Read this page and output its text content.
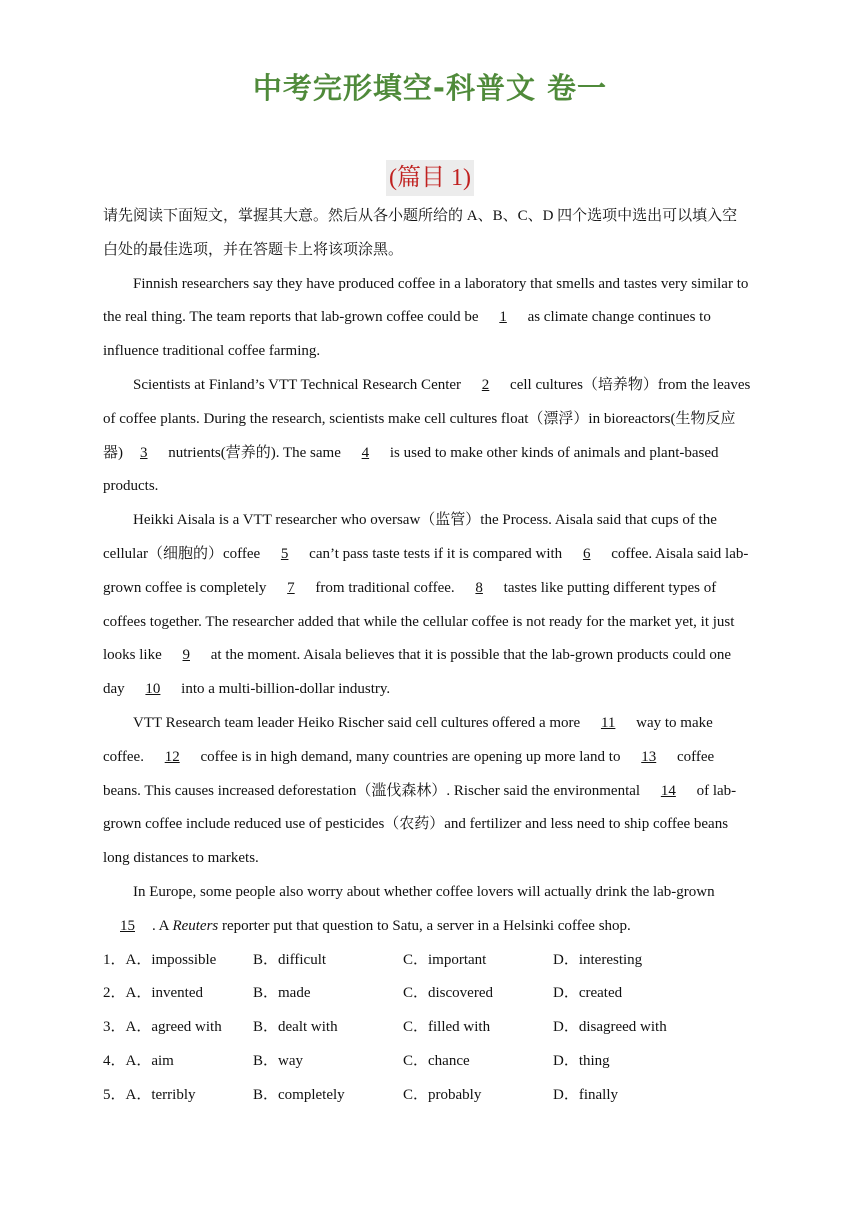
中考完形填空-科普文 卷一
(篇目 1)

请先阅读下面短文，掌握其大意。然后从各小题所给的 A、B、C、D 四个选项中选出可以填入空白处的最佳选项，并在答题卡上将该项涂黑。

Finnish researchers say they have produced coffee in a laboratory that smells and tastes very similar to the real thing. The team reports that lab-grown coffee could be 1 as climate change continues to influence traditional coffee farming.

Scientists at Finland’s VTT Technical Research Center 2 cell cultures（培养物）from the leaves of coffee plants. During the research, scientists make cell cultures float（漂浮）in bioreactors(生物反应器) 3 nutrients(营养的). The same 4 is used to make other kinds of animals and plant-based products.

Heikki Aisala is a VTT researcher who oversaw（监管）the Process. Aisala said that cups of the cellular（细胞的）coffee 5 can’t pass taste tests if it is compared with 6 coffee. Aisala said lab-grown coffee is completely 7 from traditional coffee. 8 tastes like putting different types of coffees together. The researcher added that while the cellular coffee is not ready for the market yet, it just looks like 9 at the moment. Aisala believes that it is possible that the lab-grown products could one day 10 into a multi-billion-dollar industry.

VTT Research team leader Heiko Rischer said cell cultures offered a more 11 way to make coffee. 12 coffee is in high demand, many countries are opening up more land to 13 coffee beans. This causes increased deforestation（滥伐森林）. Rischer said the environmental 14 of lab-grown coffee include reduced use of pesticides（农药）and fertilizer and less need to ship coffee beans long distances to markets.

In Europe, some people also worry about whether coffee lovers will actually drink the lab-grown 15 . A Reuters reporter put that question to Satu, a server in a Helsinki coffee shop.

1．A．impossible	B．difficult	C．important	D．interesting
2．A．invented	B．made	C．discovered	D．created
3．A．agreed with	B．dealt with	C．filled with	D．disagreed with
4．A．aim	B．way	C．chance	D．thing
5．A．terribly	B．completely	C．probably	D．finally
